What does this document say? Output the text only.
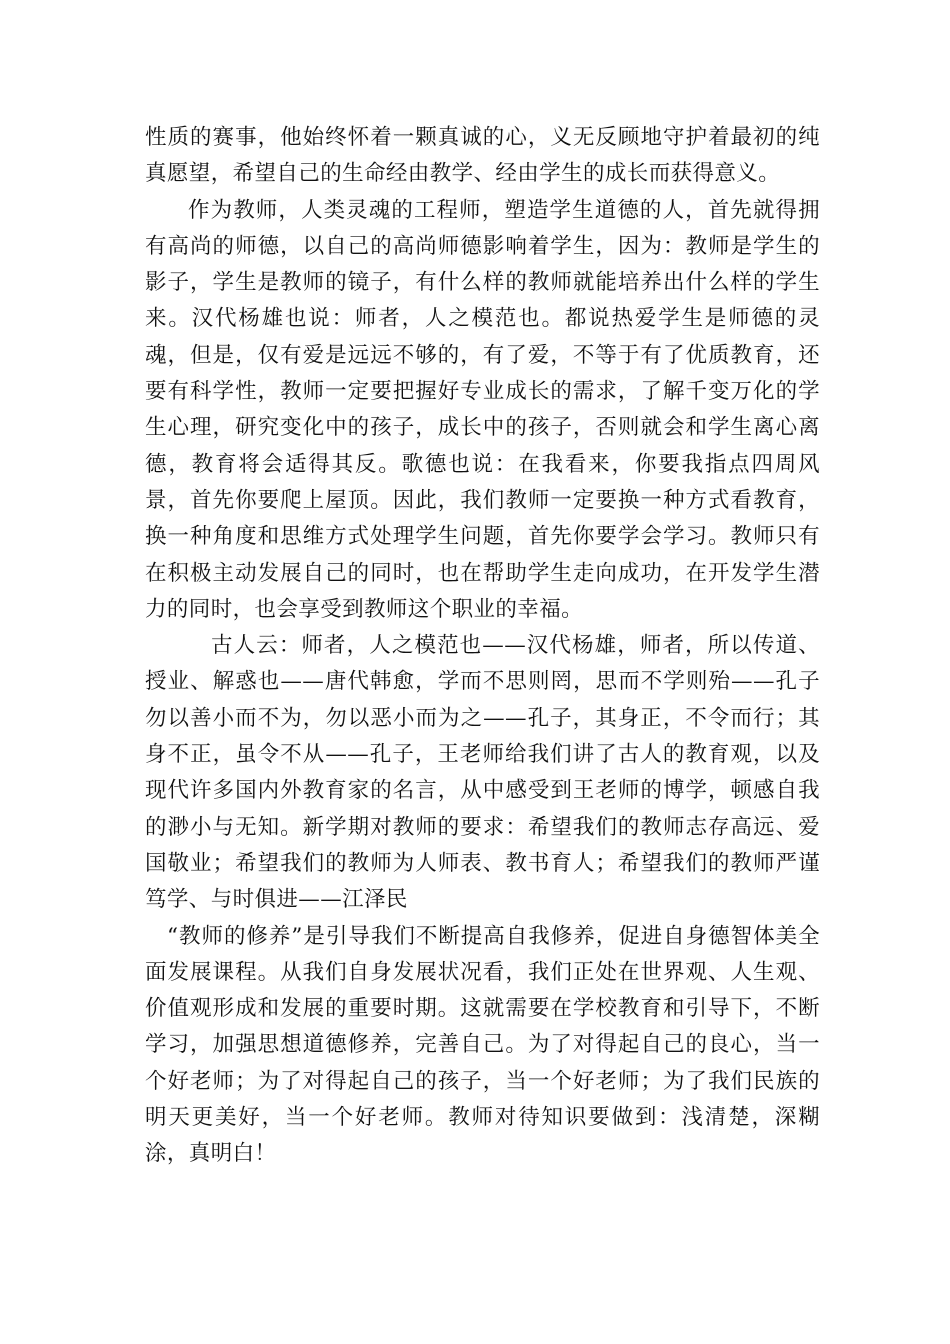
性质的赛事，他始终怀着一颗真诚的心，义无反顾地守护着最初的纯真愿望，希望自己的生命经由教学、经由学生的成长而获得意义。

作为教师，人类灵魂的工程师，塑造学生道德的人，首先就得拥有高尚的师德，以自己的高尚师德影响着学生，因为：教师是学生的影子，学生是教师的镜子，有什么样的教师就能培养出什么样的学生来。汉代杨雄也说：师者，人之模范也。都说热爱学生是师德的灵魂，但是，仅有爱是远远不够的，有了爱，不等于有了优质教育，还要有科学性，教师一定要把握好专业成长的需求，了解千变万化的学生心理，研究变化中的孩子，成长中的孩子，否则就会和学生离心离德，教育将会适得其反。歌德也说：在我看来，你要我指点四周风景，首先你要爬上屋顶。因此，我们教师一定要换一种方式看教育，换一种角度和思维方式处理学生问题，首先你要学会学习。教师只有在积极主动发展自己的同时，也在帮助学生走向成功，在开发学生潜力的同时，也会享受到教师这个职业的幸福。

古人云：师者，人之模范也——汉代杨雄，师者，所以传道、授业、解惑也——唐代韩愈，学而不思则罔，思而不学则殆——孔子勿以善小而不为，勿以恶小而为之——孔子，其身正，不令而行；其身不正，虽令不从——孔子，王老师给我们讲了古人的教育观，以及现代许多国内外教育家的名言，从中感受到王老师的博学，顿感自我的渺小与无知。新学期对教师的要求：希望我们的教师志存高远、爱国敬业；希望我们的教师为人师表、教书育人；希望我们的教师严谨笃学、与时俱进——江泽民

“教师的修养”是引导我们不断提高自我修养，促进自身德智体美全面发展课程。从我们自身发展状况看，我们正处在世界观、人生观、价值观形成和发展的重要时期。这就需要在学校教育和引导下，不断学习，加强思想道德修养，完善自己。为了对得起自己的良心，当一个好老师；为了对得起自己的孩子，当一个好老师；为了我们民族的明天更美好，当一个好老师。教师对待知识要做到：浅清楚，深糊涂，真明白！
